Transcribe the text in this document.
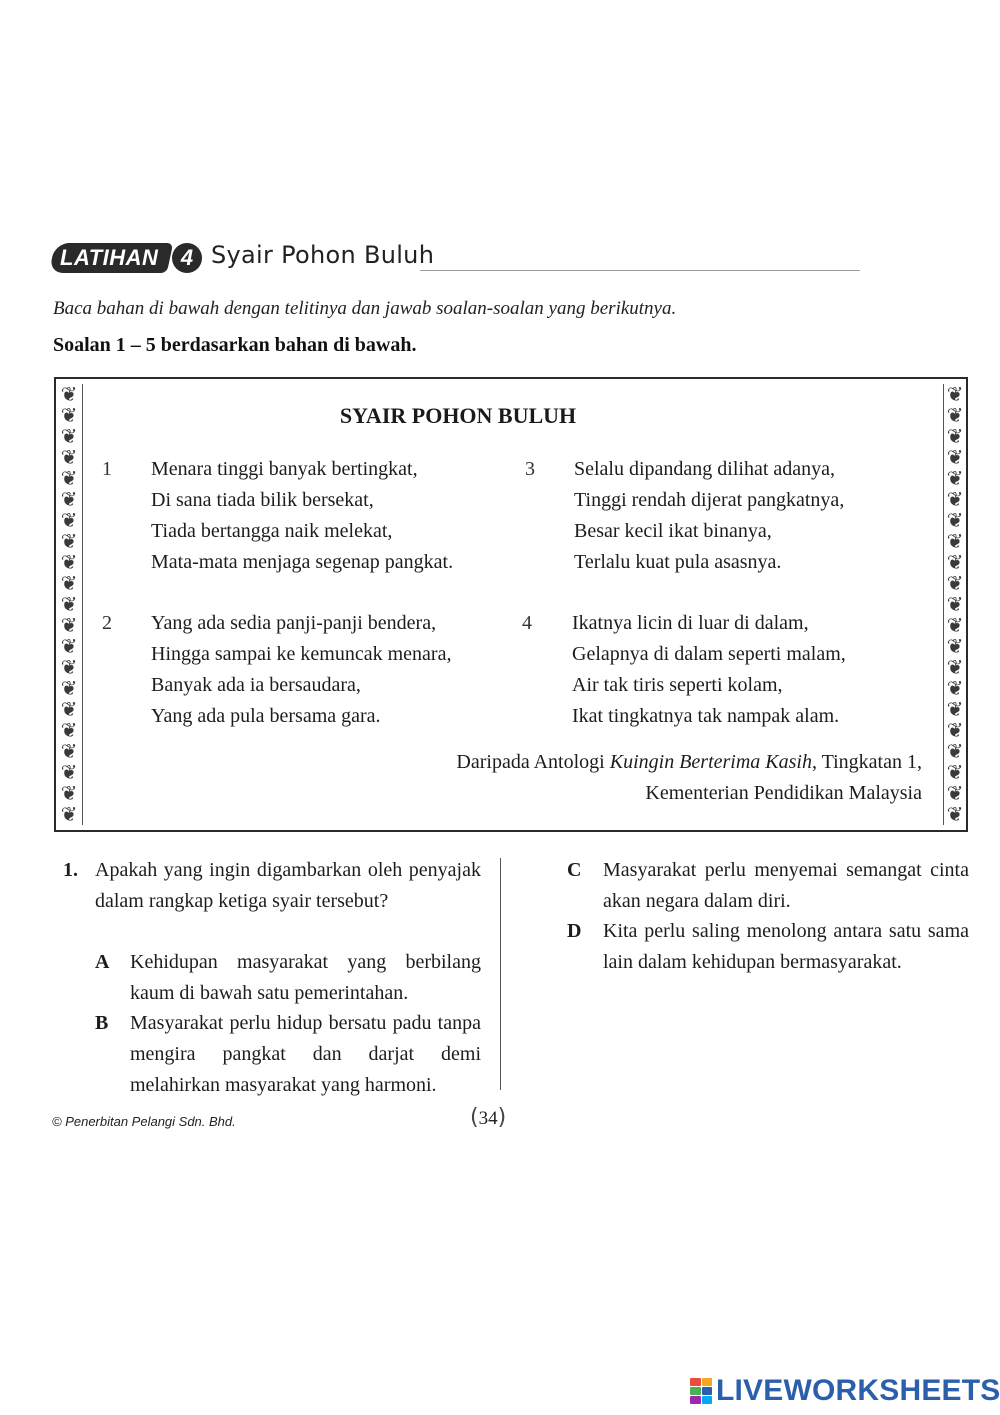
LATIHAN	4 Syair Pohon Buluh
Baca bahan di bawah dengan telitinya dan jawab soalan-soalan yang berikutnya.
Soalan 1 – 5 berdasarkan bahan di bawah.
❦
❦
❦
❦
❦
❦
❦
❦
❦
❦
❦
❦
❦
❦
❦
❦
❦
❦
❦
❦
❦
❦
❦
❦
❦
❦
❦
❦
❦
❦
❦
❦
❦
❦
❦
❦
❦
❦
❦
❦
❦
❦
SYAIR POHON BULUH
1 Menara tinggi banyak bertingkat,
Di sana tiada bilik bersekat,
Tiada bertangga naik melekat,
Mata-mata menjaga segenap pangkat.
2 Yang ada sedia panji-panji bendera,
Hingga sampai ke kemuncak menara,
Banyak ada ia bersaudara,
Yang ada pula bersama gara.
3 Selalu dipandang dilihat adanya,
Tinggi rendah dijerat pangkatnya,
Besar kecil ikat binanya,
Terlalu kuat pula asasnya.
4 Ikatnya licin di luar di dalam,
Gelapnya di dalam seperti malam,
Air tak tiris seperti kolam,
Ikat tingkatnya tak nampak alam.
Daripada Antologi Kuingin Berterima Kasih, Tingkatan 1,
Kementerian Pendidikan Malaysia
1. Apakah yang ingin digambarkan oleh penyajak dalam rangkap ketiga syair tersebut?
A Kehidupan masyarakat yang berbilang kaum di bawah satu pemerintahan.
B Masyarakat perlu hidup bersatu padu tanpa mengira pangkat dan darjat demi melahirkan masyarakat yang harmoni.
C Masyarakat perlu menyemai semangat cinta akan negara dalam diri.
D Kita perlu saling menolong antara satu sama lain dalam kehidupan bermasyarakat.
© Penerbitan Pelangi Sdn. Bhd.	(34)
LIVEWORKSHEETS
